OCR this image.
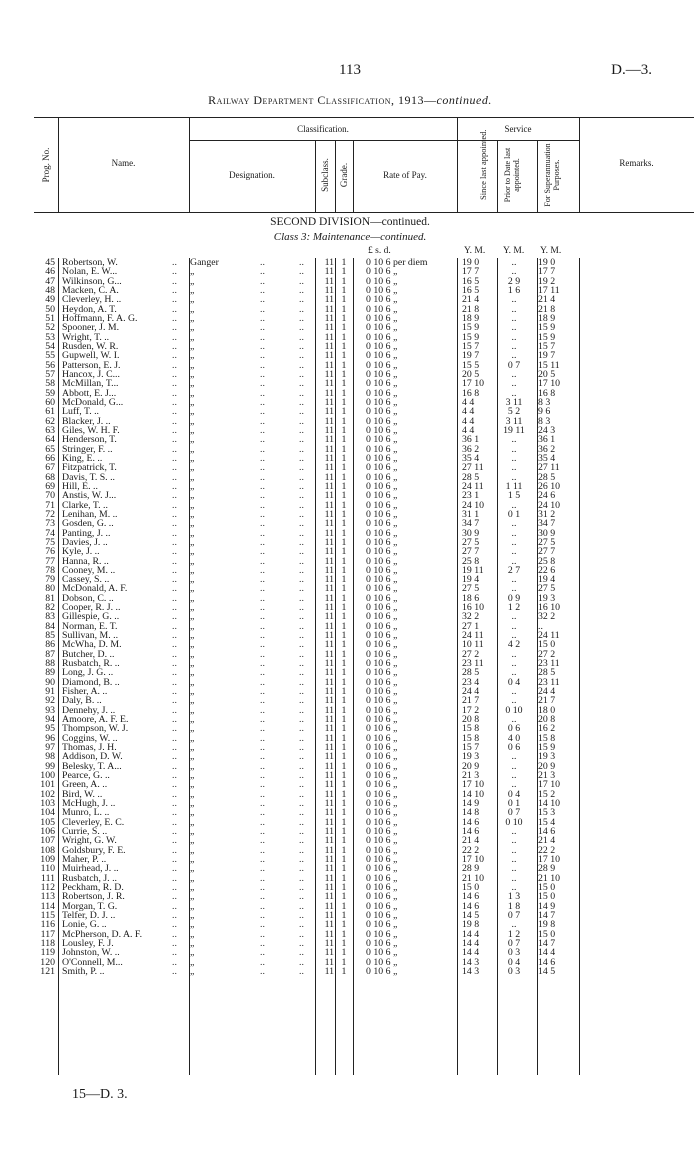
113	D.—3.
Railway Department Classification, 1913—continued.
Prog. No.	Name.
Classification.	Service
Designation.	Subclass. Grade.	Rate of Pay.	Since last appointed. Prior to Date last appointed.	For Superannuation Purposes.	Remarks.
SECOND DIVISION—continued.
Class 3: Maintenance—continued.
£ s. d.	Y. M. Y. M. Y. M.
45 Robertson, W.	.. Ganger	..	..	11 1	0 10 6 per diem	19 0	..	19 0
46 Nolan, E. W...	.. „	..	..	11 1	0 10 6 „	17 7	..	17 7
47 Wilkinson, G...	.. „	..	..	11 1	0 10 6 „	16 5	2 9	19 2
48 Macken, C. A.	.. „	..	..	11 1	0 10 6 „	16 5	1 6	17 11
49 Cleverley, H. ..	.. „	..	..	11 1	0 10 6 „	21 4	..	21 4
50 Heydon, A. T.	.. „	..	..	11 1	0 10 6 „	21 8	..	21 8
51 Hoffmann, F. A. G.	.. „	..	..	11 1	0 10 6 „	18 9	..	18 9
52 Spooner, J. M.	.. „	..	..	11 1	0 10 6 „	15 9	..	15 9
53 Wright, T. ..	.. „	..	..	11 1	0 10 6 „	15 9	..	15 9
54 Rusden, W. R.	.. „	..	..	11 1	0 10 6 „	15 7	..	15 7
55 Gupwell, W. I.	.. „	..	..	11 1	0 10 6 „	19 7	..	19 7
56 Patterson, E. J.	.. „	..	..	11 1	0 10 6 „	15 5	0 7	15 11
57 Hancox, J. C...	.. „	..	..	11 1	0 10 6 „	20 5	..	20 5
58 McMillan, T...	.. „	..	..	11 1	0 10 6 „	17 10	..	17 10
59 Abbott, E. J...	.. „	..	..	11 1	0 10 6 „	16 8	..	16 8
60 McDonald, G...	.. „	..	..	11 1	0 10 6 „	4 4	3 11	8 3
61 Luff, T. ..	.. „	..	..	11 1	0 10 6 „	4 4	5 2	9 6
62 Blacker, J. ..	.. „	..	..	11 1	0 10 6 „	4 4	3 11	8 3
63 Giles, W. H. F.	.. „	..	..	11 1	0 10 6 „	4 4	19 11	24 3
64 Henderson, T.	.. „	..	..	11 1	0 10 6 „	36 1	..	36 1
65 Stringer, F. ..	.. „	..	..	11 1	0 10 6 „	36 2	..	36 2
66 King, E. ..	.. „	..	..	11 1	0 10 6 „	35 4	..	35 4
67 Fitzpatrick, T.	.. „	..	..	11 1	0 10 6 „	27 11	..	27 11
68 Davis, T. S. ..	.. „	..	..	11 1	0 10 6 „	28 5	..	28 5
69 Hill, E. ..	.. „	..	..	11 1	0 10 6 „	24 11	1 11	26 10
70 Anstis, W. J...	.. „	..	..	11 1	0 10 6 „	23 1	1 5	24 6
71 Clarke, T. ..	.. „	..	..	11 1	0 10 6 „	24 10	..	24 10
72 Lenihan, M. ..	.. „	..	..	11 1	0 10 6 „	31 1	0 1	31 2
73 Gosden, G. ..	.. „	..	..	11 1	0 10 6 „	34 7	..	34 7
74 Panting, J. ..	.. „	..	..	11 1	0 10 6 „	30 9	..	30 9
75 Davies, J. ..	.. „	..	..	11 1	0 10 6 „	27 5	..	27 5
76 Kyle, J. ..	.. „	..	..	11 1	0 10 6 „	27 7	..	27 7
77 Hanna, R. ..	.. „	..	..	11 1	0 10 6 „	25 8	..	25 8
78 Cooney, M. ..	.. „	..	..	11 1	0 10 6 „	19 11	2 7	22 6
79 Cassey, S. ..	.. „	..	..	11 1	0 10 6 „	19 4	..	19 4
80 McDonald, A. F.	.. „	..	..	11 1	0 10 6 „	27 5	..	27 5
81 Dobson, C. ..	.. „	..	..	11 1	0 10 6 „	18 6	0 9	19 3
82 Cooper, R. J. ..	.. „	..	..	11 1	0 10 6 „	16 10	1 2	16 10
83 Gillespie, G. ..	.. „	..	..	11 1	0 10 6 „	32 2	..	32 2
84 Norman, E. T.	.. „	..	..	11 1	0 10 6 „	27 1	..	..
85 Sullivan, M. ..	.. „	..	..	11 1	0 10 6 „	24 11	..	24 11
86 McWha, D. M.	.. „	..	..	11 1	0 10 6 „	10 11	4 2	15 0
87 Butcher, D. ..	.. „	..	..	11 1	0 10 6 „	27 2	..	27 2
88 Rusbatch, R. ..	.. „	..	..	11 1	0 10 6 „	23 11	..	23 11
89 Long, J. G. ..	.. „	..	..	11 1	0 10 6 „	28 5	..	28 5
90 Diamond, B. ..	.. „	..	..	11 1	0 10 6 „	23 4	0 4	23 11
91 Fisher, A. ..	.. „	..	..	11 1	0 10 6 „	24 4	..	24 4
92 Daly, B. ..	.. „	..	..	11 1	0 10 6 „	21 7	..	21 7
93 Dennehy, J. ..	.. „	..	..	11 1	0 10 6 „	17 2	0 10	18 0
94 Amoore, A. F. E.	.. „	..	..	11 1	0 10 6 „	20 8	..	20 8
95 Thompson, W. J.	.. „	..	..	11 1	0 10 6 „	15 8	0 6	16 2
96 Coggins, W. ..	.. „	..	..	11 1	0 10 6 „	15 8	4 0	15 8
97 Thomas, J. H.	.. „	..	..	11 1	0 10 6 „	15 7	0 6	15 9
98 Addison, D. W.	.. „	..	..	11 1	0 10 6 „	19 3	..	19 3
99 Belesky, T. A...	.. „	..	..	11 1	0 10 6 „	20 9	..	20 9
100 Pearce, G. ..	.. „	..	..	11 1	0 10 6 „	21 3	..	21 3
101 Green, A. ..	.. „	..	..	11 1	0 10 6 „	17 10	..	17 10
102 Bird, W. ..	.. „	..	..	11 1	0 10 6 „	14 10	0 4	15 2
103 McHugh, J. ..	.. „	..	..	11 1	0 10 6 „	14 9	0 1	14 10
104 Munro, L. ..	.. „	..	..	11 1	0 10 6 „	14 8	0 7	15 3
105 Cleverley, E. C.	.. „	..	..	11 1	0 10 6 „	14 6	0 10	15 4
106 Currie, S. ..	.. „	..	..	11 1	0 10 6 „	14 6	..	14 6
107 Wright, G. W.	.. „	..	..	11 1	0 10 6 „	21 4	..	21 4
108 Goldsbury, F. E.	.. „	..	..	11 1	0 10 6 „	22 2	..	22 2
109 Maher, P. ..	.. „	..	..	11 1	0 10 6 „	17 10	..	17 10
110 Muirhead, J. ..	.. „	..	..	11 1	0 10 6 „	28 9	..	28 9
111 Rusbatch, J. ..	.. „	..	..	11 1	0 10 6 „	21 10	..	21 10
112 Peckham, R. D.	.. „	..	..	11 1	0 10 6 „	15 0	..	15 0
113 Robertson, J. R.	.. „	..	..	11 1	0 10 6 „	14 6	1 3	15 0
114 Morgan, T. G.	.. „	..	..	11 1	0 10 6 „	14 6	1 8	14 9
115 Telfer, D. J. ..	.. „	..	..	11 1	0 10 6 „	14 5	0 7	14 7
116 Lonie, G. ..	.. „	..	..	11 1	0 10 6 „	19 8	..	19 8
117 McPherson, D. A. F.	.. „	..	..	11 1	0 10 6 „	14 4	1 2	15 0
118 Lousley, F. J.	.. „	..	..	11 1	0 10 6 „	14 4	0 7	14 7
119 Johnston, W. ..	.. „	..	..	11 1	0 10 6 „	14 4	0 3	14 4
120 O'Connell, M...	.. „	..	..	11 1	0 10 6 „	14 3	0 4	14 6
121 Smith, P. ..	.. „	..	..	11 1	0 10 6 „	14 3	0 3	14 5
15—D. 3.
